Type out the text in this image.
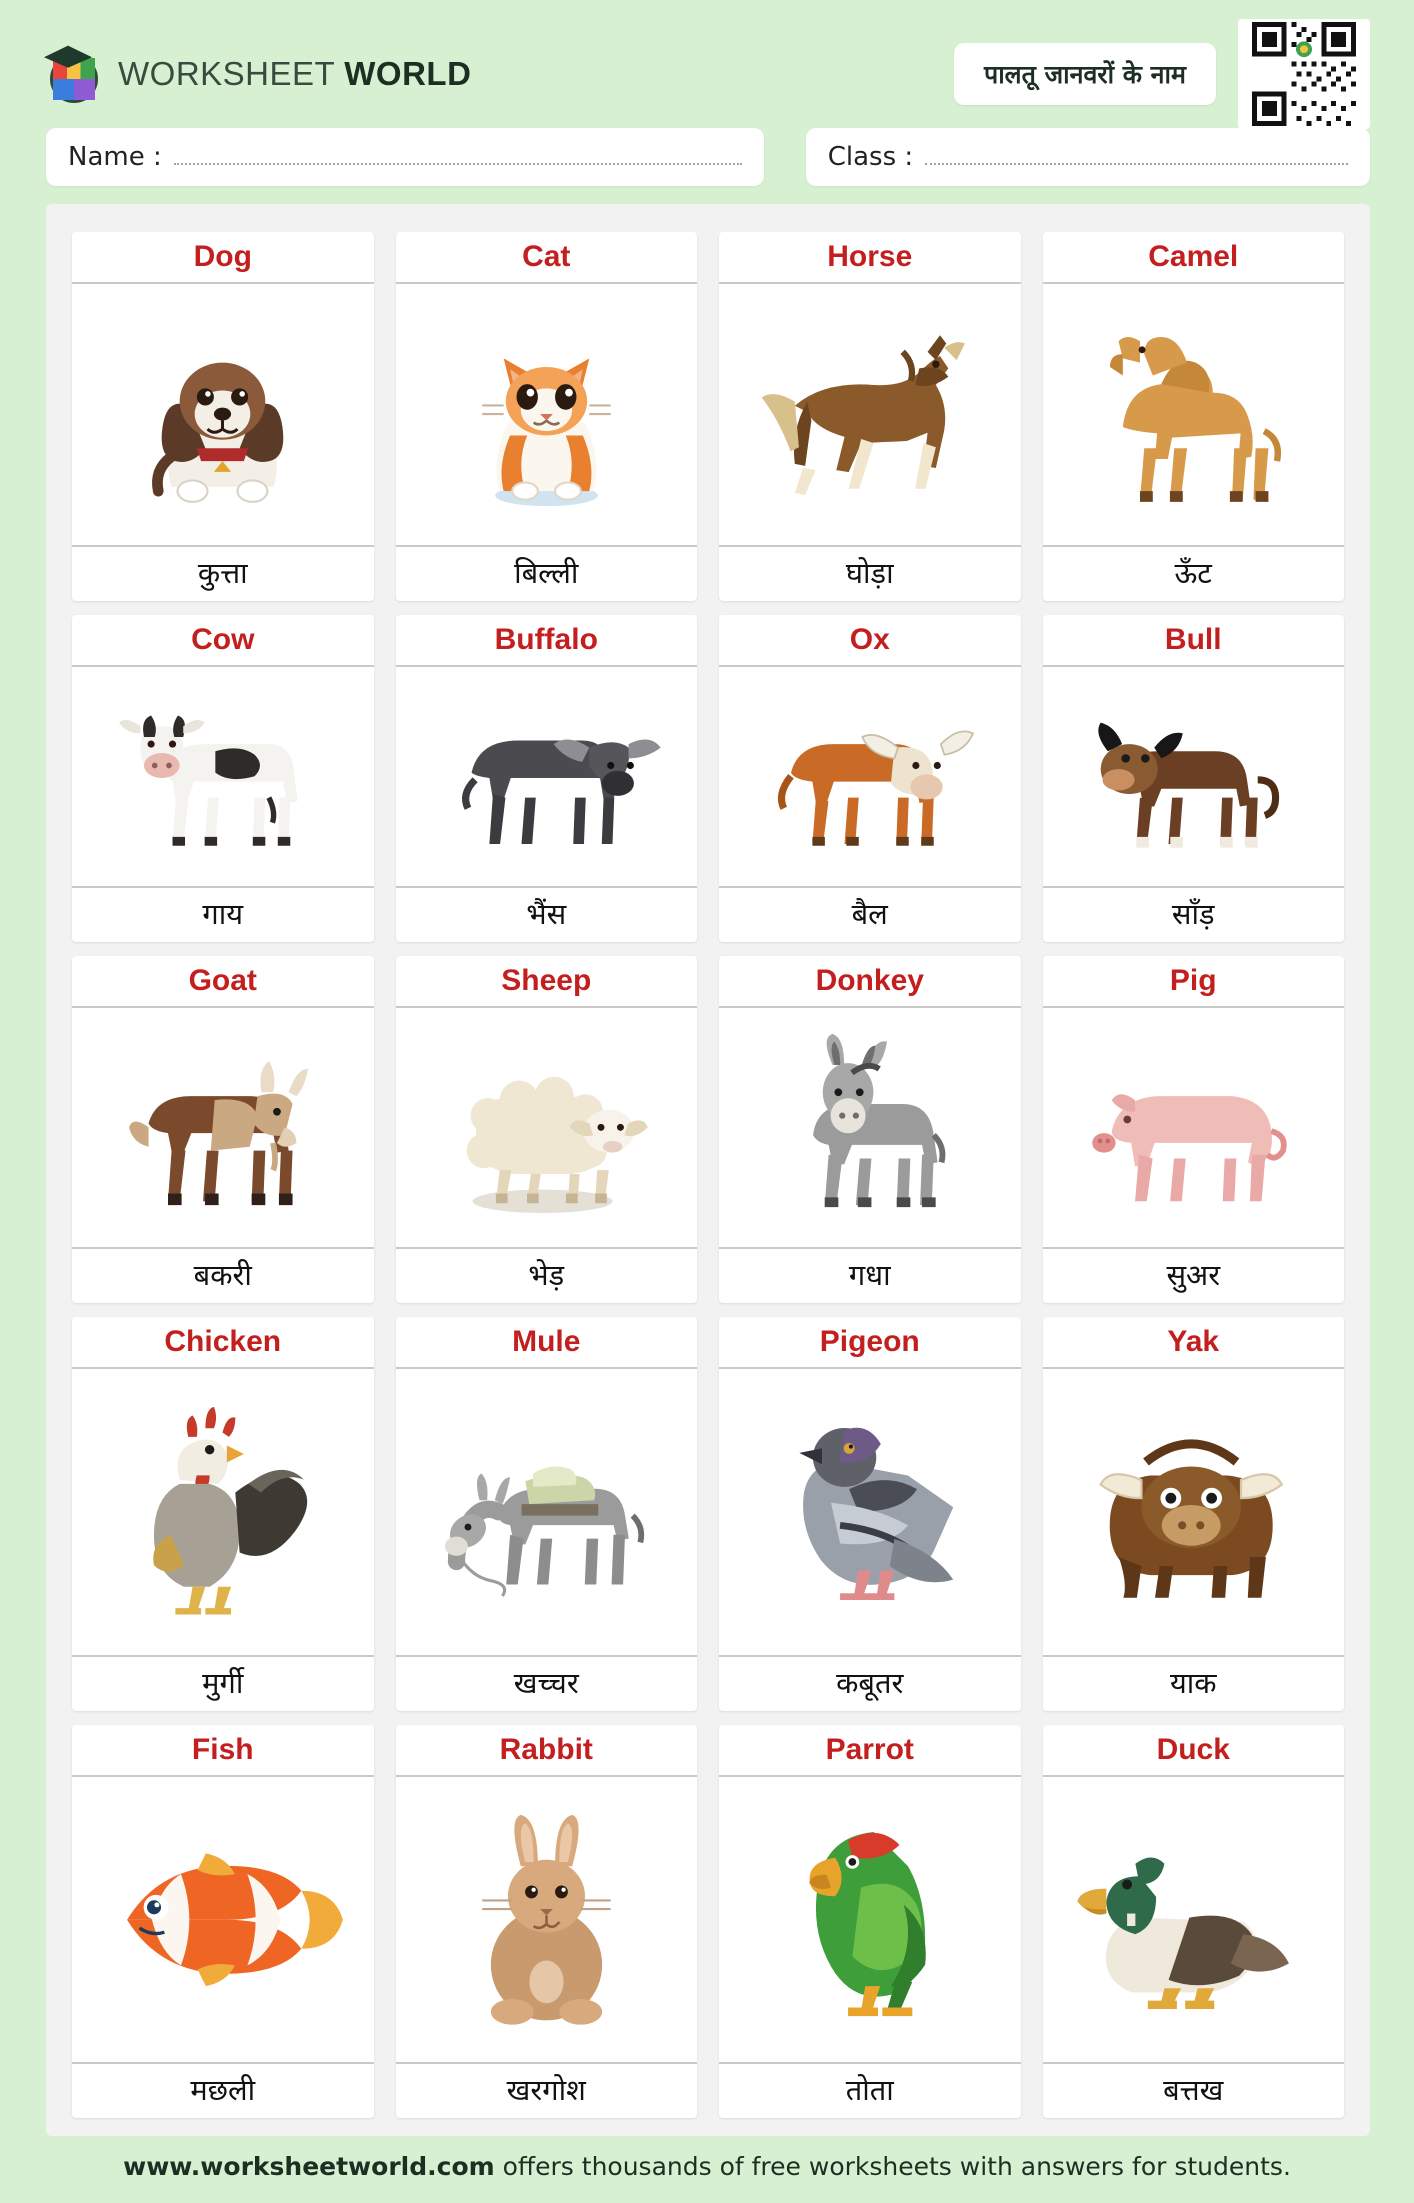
WORKSHEET WORLD	पालतू जानवरों के नाम
Name :	Class :
Dog
कुत्ता
Cat
बिल्ली
Horse
घोड़ा
Camel
ऊँट
Cow
गाय
Buffalo
भैंस
Ox
बैल
Bull
साँड़
Goat
बकरी
Sheep
भेड़
Donkey
गधा
Pig
सुअर
Chicken
मुर्गी
Mule
खच्चर
Pigeon
कबूतर
Yak
याक
Fish
मछली
Rabbit
खरगोश
Parrot
तोता
Duck
बत्तख
www.worksheetworld.com offers thousands of free worksheets with answers for students.
